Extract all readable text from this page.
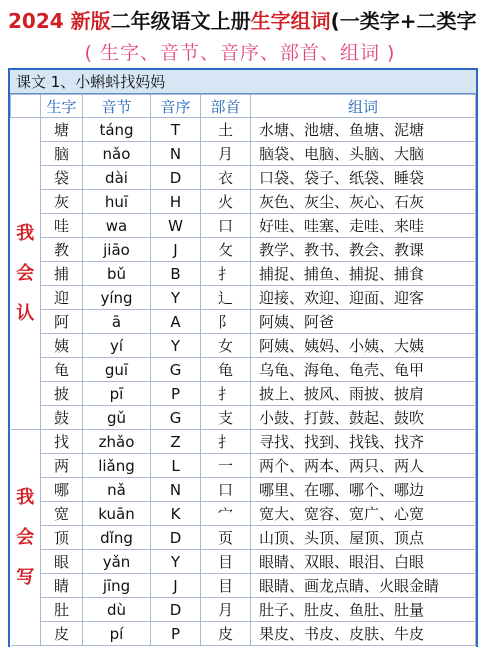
2024 新版二年级语文上册生字组词(一类字+二类字
( 生字、音节、音序、部首、组词 )
课文 1、小蝌蚪找妈妈
	生字	音节	音序	部首	组词

我
会
认	塘	táng	T	土	水塘、池塘、鱼塘、泥塘
	脑	nǎo	N	月	脑袋、电脑、头脑、大脑
	袋	dài	D	衣	口袋、袋子、纸袋、睡袋
	灰	huī	H	火	灰色、灰尘、灰心、石灰
	哇	wa	W	口	好哇、哇塞、走哇、来哇
	教	jiāo	J	攵	教学、教书、教会、教课
	捕	bǔ	B	扌	捕捉、捕鱼、捕捉、捕食
	迎	yíng	Y	辶	迎接、欢迎、迎面、迎客
	阿	ā	A	阝	阿姨、阿爸
	姨	yí	Y	女	阿姨、姨妈、小姨、大姨
	龟	guī	G	龟	乌龟、海龟、龟壳、龟甲
	披	pī	P	扌	披上、披风、雨披、披肩
	鼓	gǔ	G	支	小鼓、打鼓、鼓起、鼓吹

我
会
写	找	zhǎo	Z	扌	寻找、找到、找钱、找齐
	两	liǎng	L	一	两个、两本、两只、两人
	哪	nǎ	N	口	哪里、在哪、哪个、哪边
	宽	kuān	K	宀	宽大、宽容、宽广、心宽
	顶	dǐng	D	页	山顶、头顶、屋顶、顶点
	眼	yǎn	Y	目	眼睛、双眼、眼泪、白眼
	睛	jīng	J	目	眼睛、画龙点睛、火眼金睛
	肚	dù	D	月	肚子、肚皮、鱼肚、肚量
	皮	pí	P	皮	果皮、书皮、皮肤、牛皮
